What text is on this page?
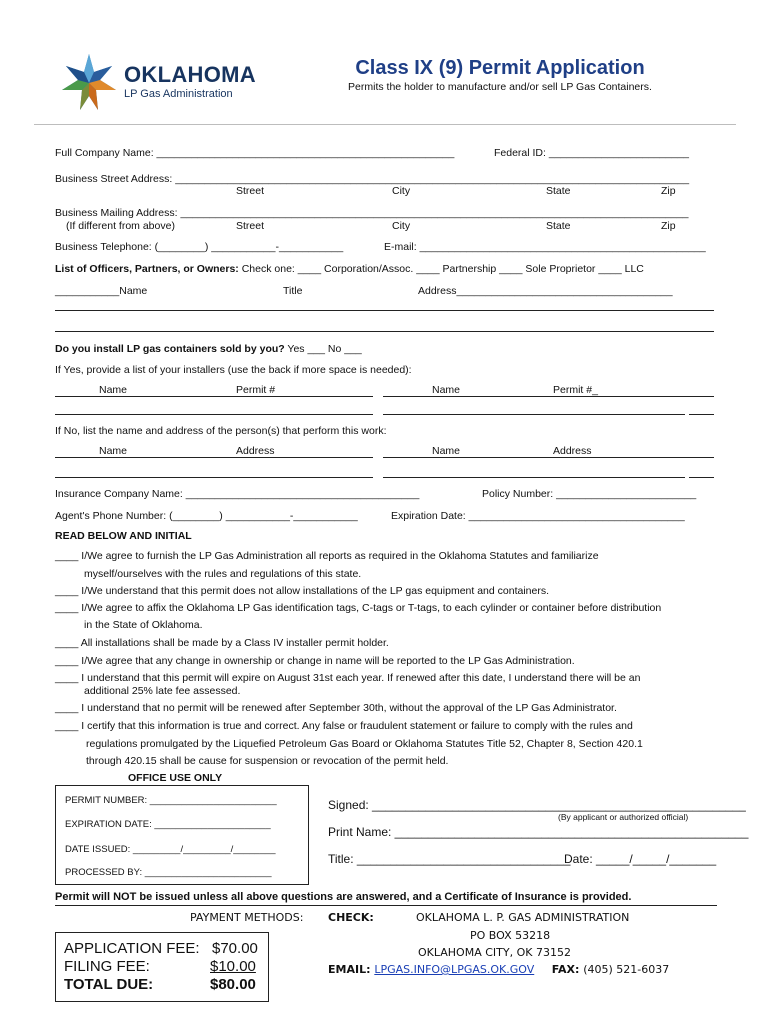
OKLAHOMA
LP Gas Administration
Class IX (9) Permit Application
Permits the holder to manufacture and/or sell LP Gas Containers.
Full Company Name: ___________________________________________________	Federal ID: ________________________
Business Street Address: ________________________________________________________________________________________
Street	City	State	Zip
Business Mailing Address: _______________________________________________________________________________________
(If different from above)	Street	City	State	Zip
Business Telephone: (________) ___________-___________	E-mail: _________________________________________________
List of Officers, Partners, or Owners: Check one: ____ Corporation/Assoc. ____ Partnership ____ Sole Proprietor ____ LLC
___________Name	Title	Address_____________________________________
Do you install LP gas containers sold by you? Yes ___ No ___
If Yes, provide a list of your installers (use the back if more space is needed):
Name	Permit #	Name	Permit #_
If No, list the name and address of the person(s) that perform this work:
Name	Address	Name	Address
Insurance Company Name: ________________________________________	Policy Number: ________________________
Agent's Phone Number: (________) ___________-___________	Expiration Date: _____________________________________
READ BELOW AND INITIAL
____ I/We agree to furnish the LP Gas Administration all reports as required in the Oklahoma Statutes and familiarize
myself/ourselves with the rules and regulations of this state.
____ I/We understand that this permit does not allow installations of the LP gas equipment and containers.
____ I/We agree to affix the Oklahoma LP Gas identification tags, C-tags or T-tags, to each cylinder or container before distribution
in the State of Oklahoma.
____ All installations shall be made by a Class IV installer permit holder.
____ I/We agree that any change in ownership or change in name will be reported to the LP Gas Administration.
____ I understand that this permit will expire on August 31st each year. If renewed after this date, I understand there will be an
additional 25% late fee assessed.
____ I understand that no permit will be renewed after September 30th, without the approval of the LP Gas Administrator.
____ I certify that this information is true and correct. Any false or fraudulent statement or failure to comply with the rules and
regulations promulgated by the Liquefied Petroleum Gas Board or Oklahoma Statutes Title 52, Chapter 8, Section 420.1
through 420.15 shall be cause for suspension or revocation of the permit held.
OFFICE USE ONLY
PERMIT NUMBER: ________________________
EXPIRATION DATE: ______________________
DATE ISSUED: _________/_________/________
PROCESSED BY: ________________________
Signed: ________________________________________________________
(By applicant or authorized official)
Print Name: _____________________________________________________
Title: ________________________________
Date: _____/_____/_______
Permit will NOT be issued unless all above questions are answered, and a Certificate of Insurance is provided.
PAYMENT METHODS: CHECK:	OKLAHOMA L. P. GAS ADMINISTRATION
PO BOX 53218
OKLAHOMA CITY, OK 73152
EMAIL: LPGAS.INFO@LPGAS.OK.GOV FAX: (405) 521-6037
APPLICATION FEE: $70.00
FILING FEE:	$10.00
TOTAL DUE:	$80.00
